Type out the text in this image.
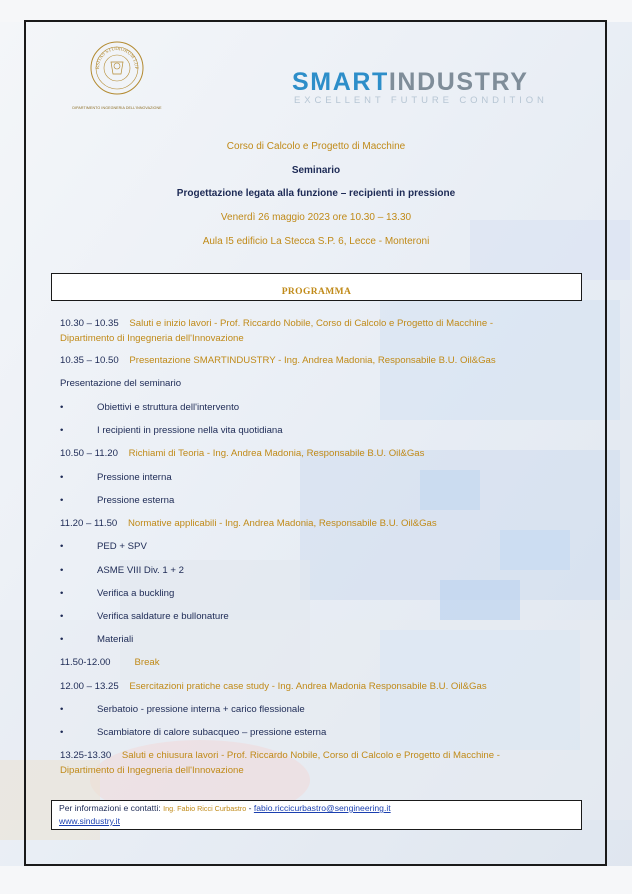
RSITAS STUDIORUM LUP
DIPARTIMENTO INGEGNERIA DELL'INNOVAZIONE
SMARTINDUSTRY
EXCELLENT FUTURE CONDITION
Corso di Calcolo e Progetto di Macchine
Seminario
Progettazione legata alla funzione – recipienti in pressione
Venerdì 26 maggio 2023 ore 10.30 – 13.30
Aula I5 edificio La Stecca S.P. 6, Lecce - Monteroni
PROGRAMMA
10.30 – 10.35 Saluti e inizio lavori - Prof. Riccardo Nobile, Corso di Calcolo e Progetto di Macchine -
Dipartimento di Ingegneria dell'Innovazione
10.35 – 10.50 Presentazione SMARTINDUSTRY - Ing. Andrea Madonia, Responsabile B.U. Oil&Gas
Presentazione del seminario
•	Obiettivi e struttura dell'intervento
•	I recipienti in pressione nella vita quotidiana
10.50 – 11.20 Richiami di Teoria - Ing. Andrea Madonia, Responsabile B.U. Oil&Gas
•	Pressione interna
•	Pressione esterna
11.20 – 11.50 Normative applicabili - Ing. Andrea Madonia, Responsabile B.U. Oil&Gas
•	PED + SPV
•	ASME VIII Div. 1 + 2
•	Verifica a buckling
•	Verifica saldature e bullonature
•	Materiali
11.50-12.00	Break
12.00 – 13.25 Esercitazioni pratiche case study - Ing. Andrea Madonia Responsabile B.U. Oil&Gas
•	Serbatoio - pressione interna + carico flessionale
•	Scambiatore di calore subacqueo – pressione esterna
13.25-13.30 Saluti e chiusura lavori - Prof. Riccardo Nobile, Corso di Calcolo e Progetto di Macchine -
Dipartimento di Ingegneria dell'Innovazione
Per informazioni e contatti: Ing. Fabio Ricci Curbastro - fabio.riccicurbastro@sengineering.it
www.sindustry.it
